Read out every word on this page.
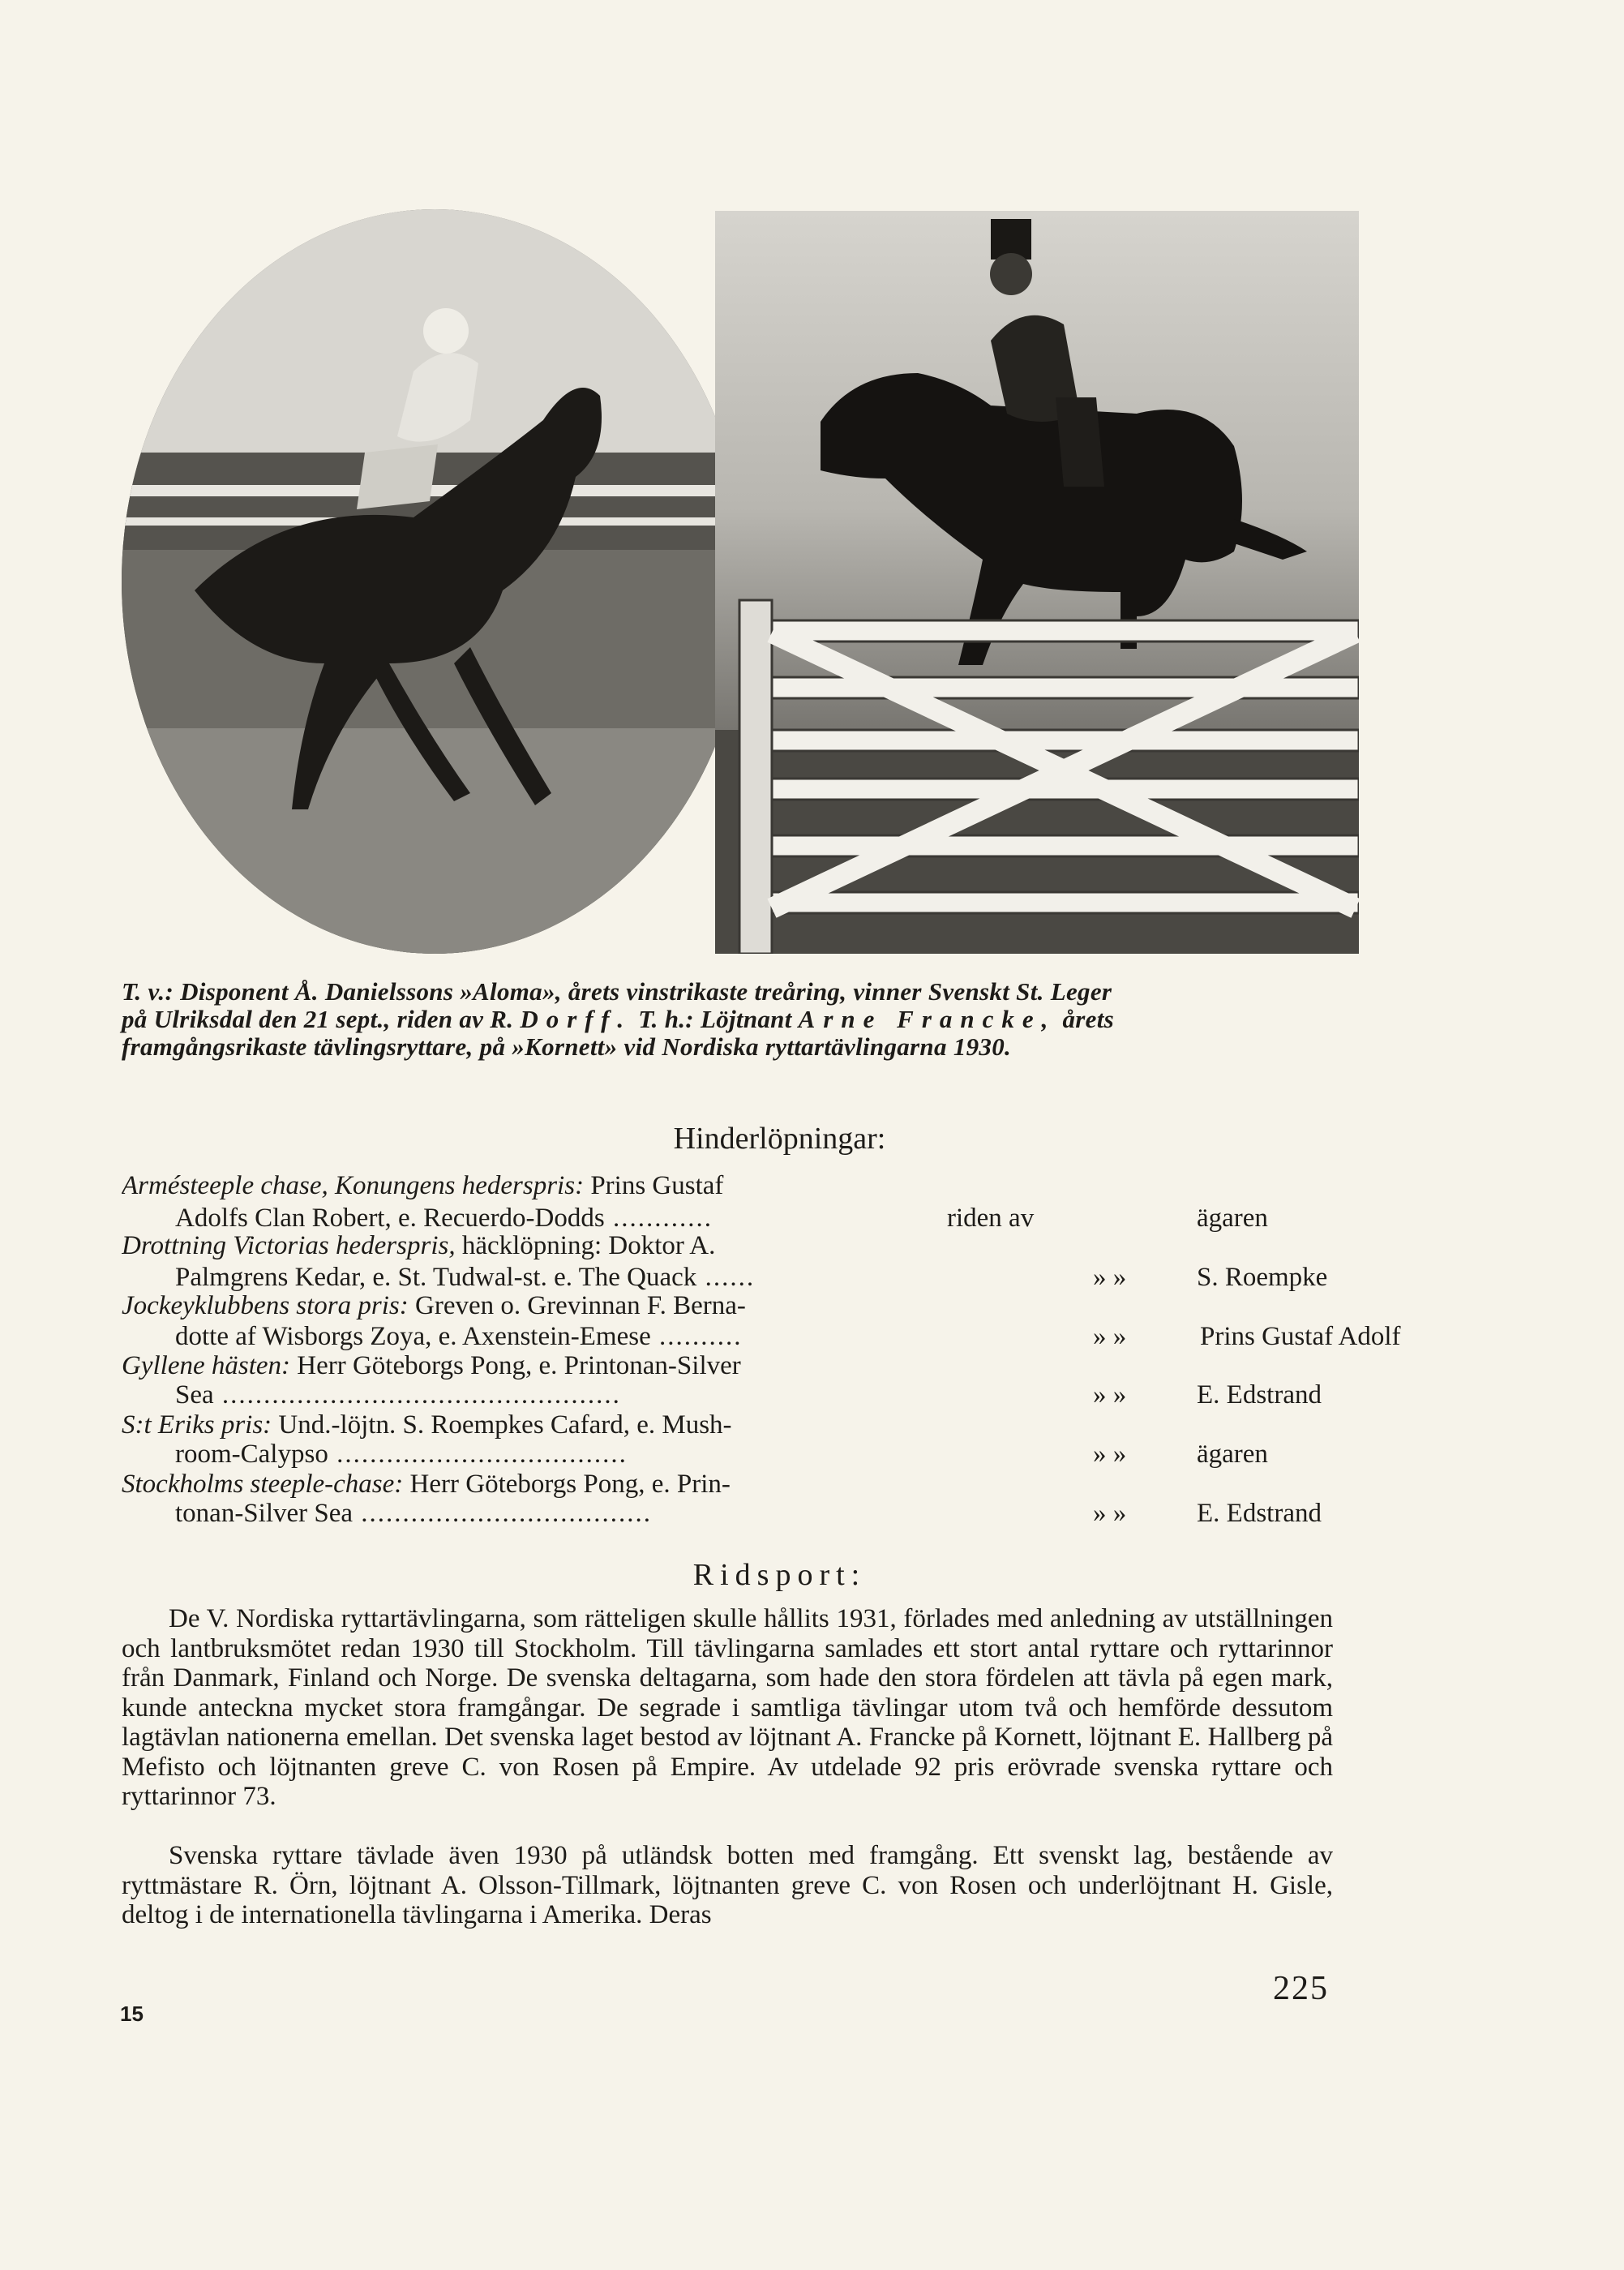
T. v.: Disponent Å. Danielssons »Aloma», årets vinstrikaste treåring, vinner Svenskt St. Leger
på Ulriksdal den 21 sept., riden av R. Dorff. T. h.: Löjtnant Arne Francke, årets
framgångsrikaste tävlingsryttare, på »Kornett» vid Nordiska ryttartävlingarna 1930.
Hinderlöpningar:
Armésteeple chase, Konungens hederspris: Prins Gustaf
Adolfs Clan Robert, e. Recuerdo-Dodds ............	riden av	ägaren
Drottning Victorias hederspris, häcklöpning: Doktor A.
Palmgrens Kedar, e. St. Tudwal-st. e. The Quack ......	» »	S. Roempke
Jockeyklubbens stora pris: Greven o. Grevinnan F. Berna-
dotte af Wisborgs Zoya, e. Axenstein-Emese ..........	» »	Prins Gustaf Adolf
Gyllene hästen: Herr Göteborgs Pong, e. Printonan-Silver
Sea ................................................	» »	E. Edstrand
S:t Eriks pris: Und.-löjtn. S. Roempkes Cafard, e. Mush-
room-Calypso ...................................	» »	ägaren
Stockholms steeple-chase: Herr Göteborgs Pong, e. Prin-
tonan-Silver Sea ...................................	» »	E. Edstrand
Ridsport:
De V. Nordiska ryttartävlingarna, som rätteligen skulle hållits 1931, förlades med anledning av utställningen och lantbruksmötet redan 1930 till Stockholm. Till tävlingarna samlades ett stort antal ryttare och ryttarinnor från Danmark, Finland och Norge. De svenska deltagarna, som hade den stora fördelen att tävla på egen mark, kunde anteckna mycket stora framgångar. De segrade i samtliga tävlingar utom två och hemförde dessutom lagtävlan nationerna emellan. Det svenska laget bestod av löjtnant A. Francke på Kornett, löjtnant E. Hallberg på Mefisto och löjtnanten greve C. von Rosen på Empire. Av utdelade 92 pris erövrade svenska ryttare och ryttarinnor 73.
Svenska ryttare tävlade även 1930 på utländsk botten med framgång. Ett svenskt lag, bestående av ryttmästare R. Örn, löjtnant A. Olsson-Tillmark, löjtnanten greve C. von Rosen och underlöjtnant H. Gisle, deltog i de internationella tävlingarna i Amerika. Deras
15
225
